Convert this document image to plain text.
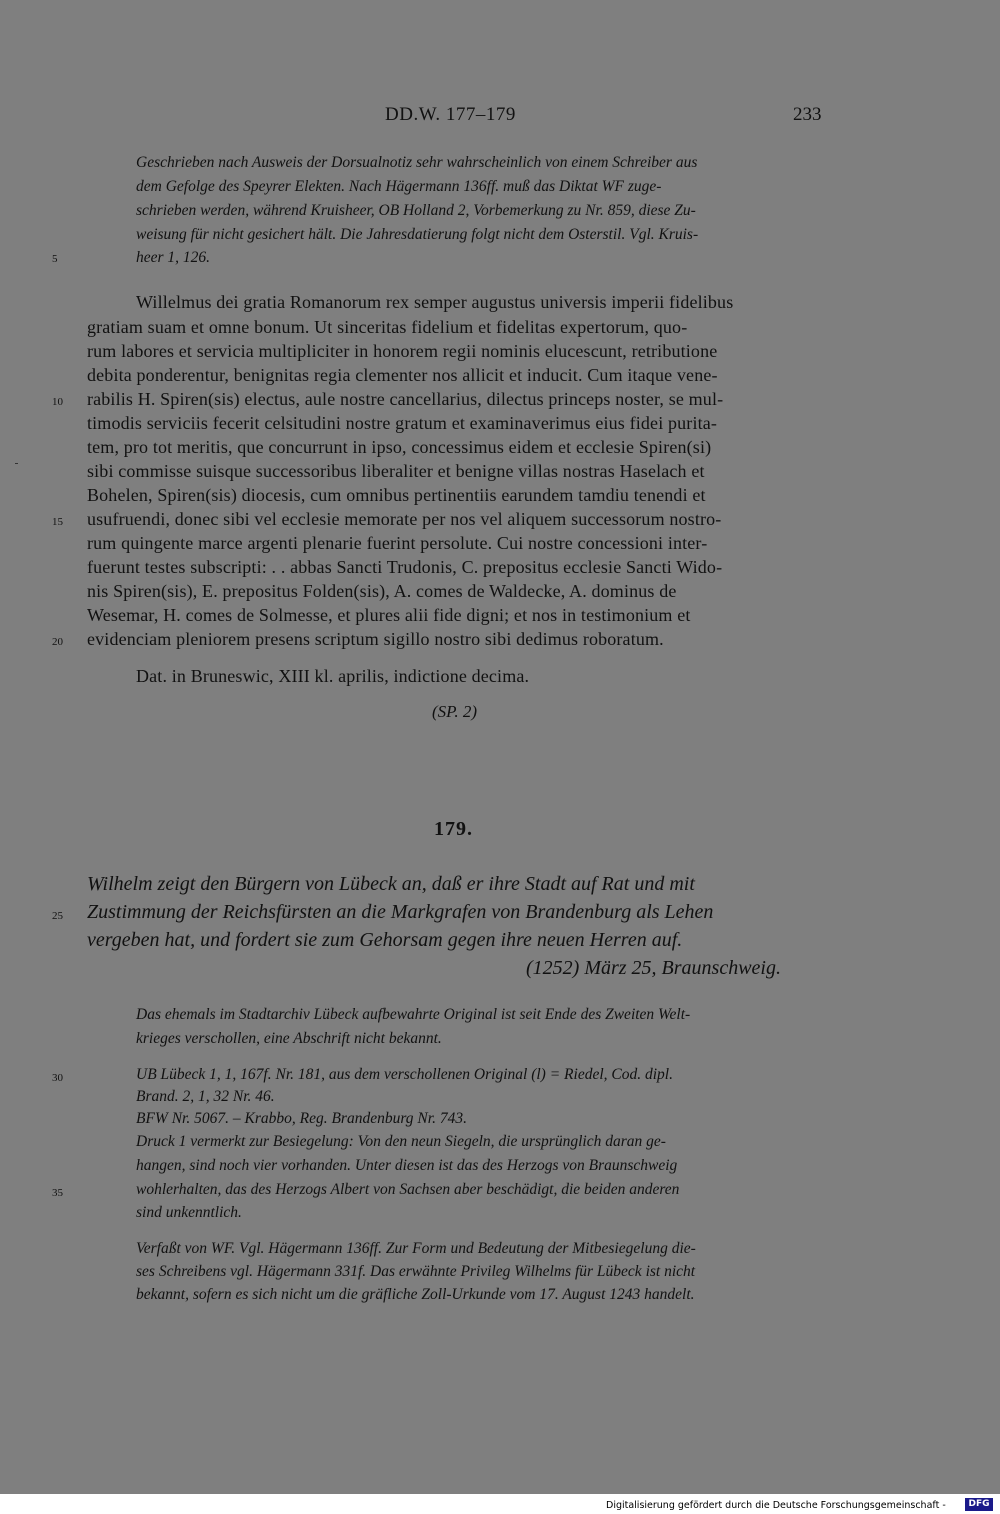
DD.W. 177–179	233
Geschrieben nach Ausweis der Dorsualnotiz sehr wahrscheinlich von einem Schreiber aus
dem Gefolge des Speyrer Elekten. Nach Hägermann 136ff. muß das Diktat WF zuge-
schrieben werden, während Kruisheer, OB Holland 2, Vorbemerkung zu Nr. 859, diese Zu-
weisung für nicht gesichert hält. Die Jahresdatierung folgt nicht dem Osterstil. Vgl. Kruis-
heer 1, 126.
5
Willelmus dei gratia Romanorum rex semper augustus universis imperii fidelibus
gratiam suam et omne bonum. Ut sinceritas fidelium et fidelitas expertorum, quo-
rum labores et servicia multipliciter in honorem regii nominis elucescunt, retributione
debita ponderentur, benignitas regia clementer nos allicit et inducit. Cum itaque vene-
rabilis H. Spiren(sis) electus, aule nostre cancellarius, dilectus princeps noster, se mul-
10
timodis serviciis fecerit celsitudini nostre gratum et examinaverimus eius fidei purita-
tem, pro tot meritis, que concurrunt in ipso, concessimus eidem et ecclesie Spiren(si)
sibi commisse suisque successoribus liberaliter et benigne villas nostras Haselach et
Bohelen, Spiren(sis) diocesis, cum omnibus pertinentiis earundem tamdiu tenendi et
usufruendi, donec sibi vel ecclesie memorate per nos vel aliquem successorum nostro-
15
rum quingente marce argenti plenarie fuerint persolute. Cui nostre concessioni inter-
fuerunt testes subscripti: . . abbas Sancti Trudonis, C. prepositus ecclesie Sancti Wido-
nis Spiren(sis), E. prepositus Folden(sis), A. comes de Waldecke, A. dominus de
Wesemar, H. comes de Solmesse, et plures alii fide digni; et nos in testimonium et
evidenciam pleniorem presens scriptum sigillo nostro sibi dedimus roboratum.
20
Dat. in Bruneswic, XIII kl. aprilis, indictione decima.
(SP. 2)
179.
Wilhelm zeigt den Bürgern von Lübeck an, daß er ihre Stadt auf Rat und mit
Zustimmung der Reichsfürsten an die Markgrafen von Brandenburg als Lehen
25
vergeben hat, und fordert sie zum Gehorsam gegen ihre neuen Herren auf.
(1252) März 25, Braunschweig.
Das ehemals im Stadtarchiv Lübeck aufbewahrte Original ist seit Ende des Zweiten Welt-
krieges verschollen, eine Abschrift nicht bekannt.
UB Lübeck 1, 1, 167f. Nr. 181, aus dem verschollenen Original (l) = Riedel, Cod. dipl.
30
Brand. 2, 1, 32 Nr. 46.
BFW Nr. 5067. – Krabbo, Reg. Brandenburg Nr. 743.
Druck 1 vermerkt zur Besiegelung: Von den neun Siegeln, die ursprünglich daran ge-
hangen, sind noch vier vorhanden. Unter diesen ist das des Herzogs von Braunschweig
wohlerhalten, das des Herzogs Albert von Sachsen aber beschädigt, die beiden anderen
35
sind unkenntlich.
Verfaßt von WF. Vgl. Hägermann 136ff. Zur Form und Bedeutung der Mitbesiegelung die-
ses Schreibens vgl. Hägermann 331f. Das erwähnte Privileg Wilhelms für Lübeck ist nicht
bekannt, sofern es sich nicht um die gräfliche Zoll-Urkunde vom 17. August 1243 handelt.
Digitalisierung gefördert durch die Deutsche Forschungsgemeinschaft -	DFG
